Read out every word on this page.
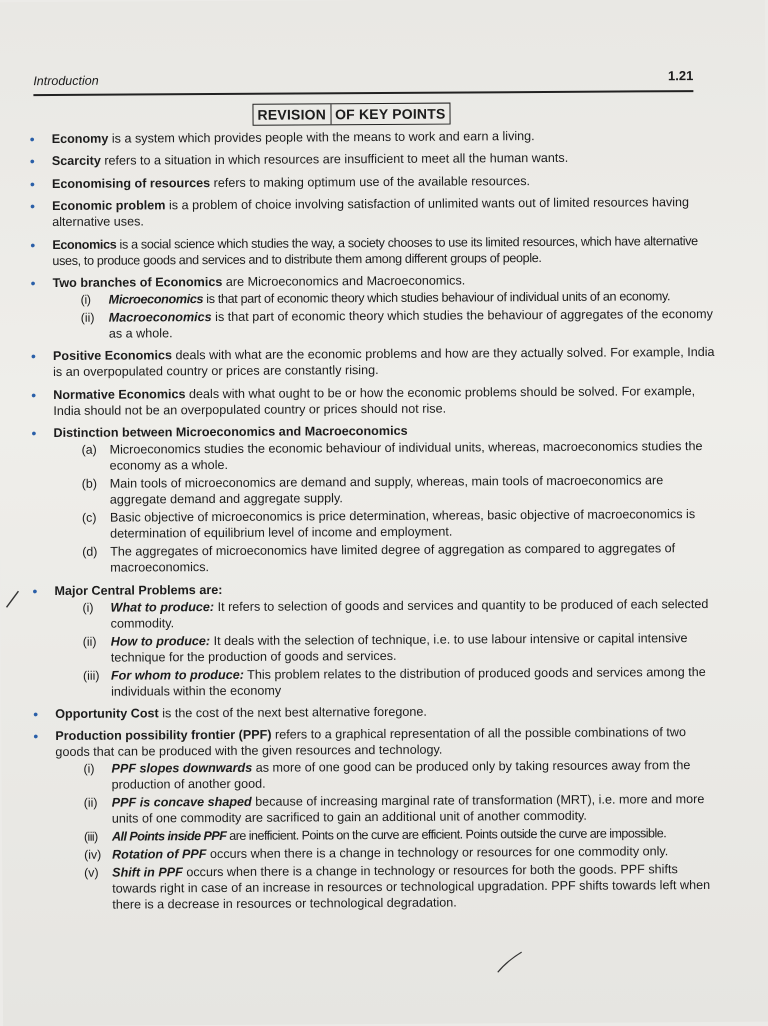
Introduction	1.21
REVISION OF KEY POINTS
• Economy is a system which provides people with the means to work and earn a living.
• Scarcity refers to a situation in which resources are insufficient to meet all the human wants.
• Economising of resources refers to making optimum use of the available resources.
• Economic problem is a problem of choice involving satisfaction of unlimited wants out of limited resources having alternative uses.
• Economics is a social science which studies the way, a society chooses to use its limited resources, which have alternative uses, to produce goods and services and to distribute them among different groups of people.
• Two branches of Economics are Microeconomics and Macroeconomics.
(i) Microeconomics is that part of economic theory which studies behaviour of individual units of an economy.
(ii) Macroeconomics is that part of economic theory which studies the behaviour of aggregates of the economy as a whole.
• Positive Economics deals with what are the economic problems and how are they actually solved. For example, India is an overpopulated country or prices are constantly rising.
• Normative Economics deals with what ought to be or how the economic problems should be solved. For example, India should not be an overpopulated country or prices should not rise.
• Distinction between Microeconomics and Macroeconomics
(a) Microeconomics studies the economic behaviour of individual units, whereas, macroeconomics studies the economy as a whole.
(b) Main tools of microeconomics are demand and supply, whereas, main tools of macroeconomics are aggregate demand and aggregate supply.
(c) Basic objective of microeconomics is price determination, whereas, basic objective of macroeconomics is determination of equilibrium level of income and employment.
(d) The aggregates of microeconomics have limited degree of aggregation as compared to aggregates of macroeconomics.
• Major Central Problems are:
(i) What to produce: It refers to selection of goods and services and quantity to be produced of each selected commodity.
(ii) How to produce: It deals with the selection of technique, i.e. to use labour intensive or capital intensive technique for the production of goods and services.
(iii) For whom to produce: This problem relates to the distribution of produced goods and services among the individuals within the economy
• Opportunity Cost is the cost of the next best alternative foregone.
• Production possibility frontier (PPF) refers to a graphical representation of all the possible combinations of two goods that can be produced with the given resources and technology.
(i) PPF slopes downwards as more of one good can be produced only by taking resources away from the production of another good.
(ii) PPF is concave shaped because of increasing marginal rate of transformation (MRT), i.e. more and more units of one commodity are sacrificed to gain an additional unit of another commodity.
(iii) All Points inside PPF are inefficient. Points on the curve are efficient. Points outside the curve are impossible.
(iv) Rotation of PPF occurs when there is a change in technology or resources for one commodity only.
(v) Shift in PPF occurs when there is a change in technology or resources for both the goods. PPF shifts towards right in case of an increase in resources or technological upgradation. PPF shifts towards left when there is a decrease in resources or technological degradation.
